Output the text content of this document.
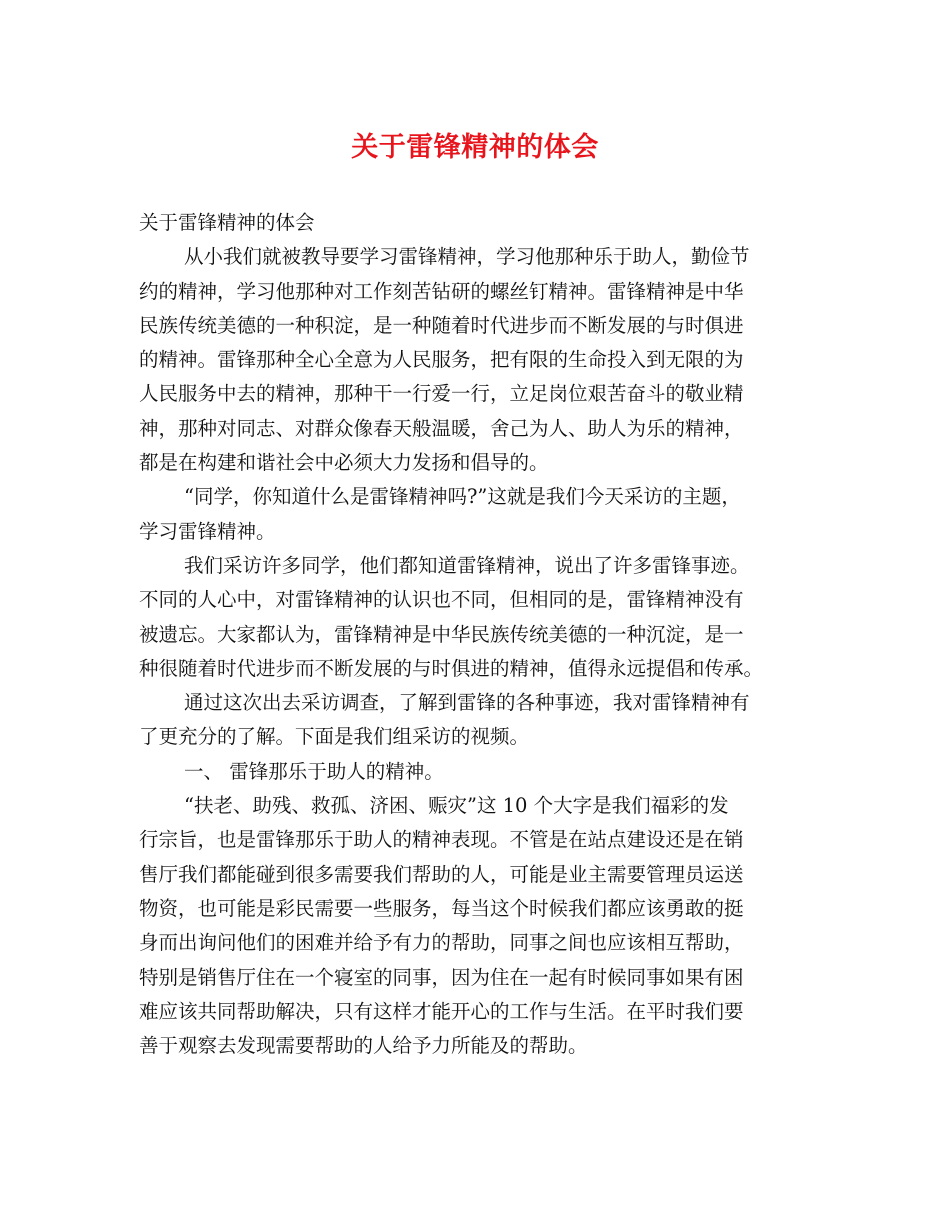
关于雷锋精神的体会
关于雷锋精神的体会
从小我们就被教导要学习雷锋精神，学习他那种乐于助人，勤俭节
约的精神，学习他那种对工作刻苦钻研的螺丝钉精神。雷锋精神是中华
民族传统美德的一种积淀，是一种随着时代进步而不断发展的与时俱进
的精神。雷锋那种全心全意为人民服务，把有限的生命投入到无限的为
人民服务中去的精神，那种干一行爱一行，立足岗位艰苦奋斗的敬业精
神，那种对同志、对群众像春天般温暖，舍己为人、助人为乐的精神，
都是在构建和谐社会中必须大力发扬和倡导的。
“同学，你知道什么是雷锋精神吗?”这就是我们今天采访的主题，
学习雷锋精神。
我们采访许多同学，他们都知道雷锋精神，说出了许多雷锋事迹。
不同的人心中，对雷锋精神的认识也不同，但相同的是，雷锋精神没有
被遗忘。大家都认为，雷锋精神是中华民族传统美德的一种沉淀，是一
种很随着时代进步而不断发展的与时俱进的精神，值得永远提倡和传承。
通过这次出去采访调查，了解到雷锋的各种事迹，我对雷锋精神有
了更充分的了解。下面是我们组采访的视频。
一、 雷锋那乐于助人的精神。
“扶老、助残、救孤、济困、赈灾”这 10 个大字是我们福彩的发
行宗旨，也是雷锋那乐于助人的精神表现。不管是在站点建设还是在销
售厅我们都能碰到很多需要我们帮助的人，可能是业主需要管理员运送
物资，也可能是彩民需要一些服务，每当这个时候我们都应该勇敢的挺
身而出询问他们的困难并给予有力的帮助，同事之间也应该相互帮助，
特别是销售厅住在一个寝室的同事，因为住在一起有时候同事如果有困
难应该共同帮助解决，只有这样才能开心的工作与生活。在平时我们要
善于观察去发现需要帮助的人给予力所能及的帮助。
